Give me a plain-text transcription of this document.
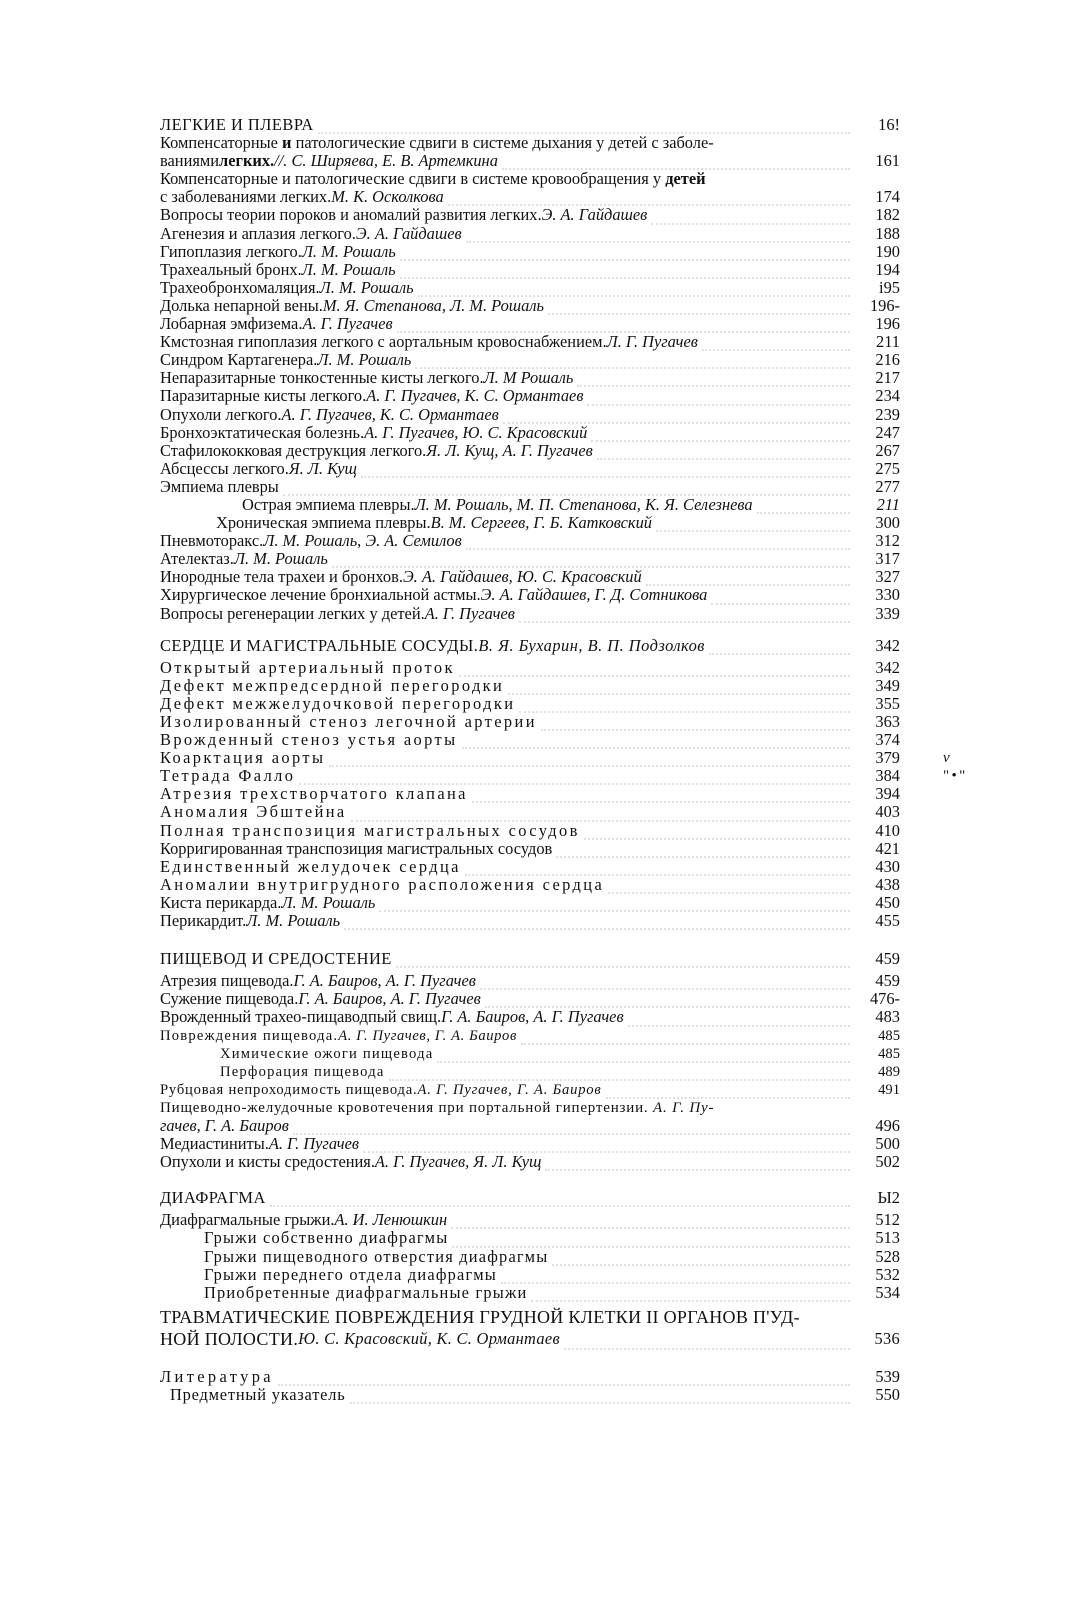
ЛЕГКИЕ И ПЛЕВРА	16!
Компенсаторные и патологические сдвиги в системе дыхания у детей с заболе-
ваниями легких. //. С. Ширяева, Е. В. Артемкина	161
Компенсаторные и патологические сдвиги в системе кровообращения у детей
с заболеваниями легких. М. К. Осколкова	174
Вопросы теории пороков и аномалий развития легких. Э. А. Гайдашев	182
Агенезия и аплазия легкого. Э. А. Гайдашев	188
Гипоплазия легкого. Л. М. Рошаль	190
Трахеальный бронх. Л. М. Рошаль	194
Трахеобронхомаляция. Л. М. Рошаль	i95
Долька непарной вены. М. Я. Степанова, Л. М. Рошаль	196-
Лобарная эмфизема. А. Г. Пугачев	196
Кмстозная гипоплазия легкого с аортальным кровоснабжением. Л. Г. Пугачев	211
Синдром Картагенера. Л. М. Рошаль	216
Непаразитарные тонкостенные кисты легкого. Л. М Рошаль	217
Паразитарные кисты легкого. А. Г. Пугачев, К. С. Ормантаев	234
Опухоли легкого. А. Г. Пугачев, К. С. Ормантаев	239
Бронхоэктатическая болезнь. А. Г. Пугачев, Ю. С. Красовский	247
Стафилококковая деструкция легкого. Я. Л. Кущ, А. Г. Пугачев	267
Абсцессы легкого. Я. Л. Кущ	275
Эмпиема плевры	277
Острая эмпиема плевры. Л. М. Рошаль, М. П. Степанова, К. Я. Селезнева	211
Хроническая эмпиема плевры. В. М. Сергеев, Г. Б. Катковский	300
Пневмоторакс. Л. М. Рошаль, Э. А. Семилов	312
Ателектаз. Л. М. Рошаль	317
Инородные тела трахеи и бронхов. Э. А. Гайдашев, Ю. С. Красовский	327
Хирургическое лечение бронхиальной астмы. Э. А. Гайдашев, Г. Д. Сотникова	330
Вопросы регенерации легких у детей. А. Г. Пугачев	339
СЕРДЦЕ И МАГИСТРАЛЬНЫЕ СОСУДЫ. В. Я. Бухарин, В. П. Подзолков	342
Открытый артериальный проток	342
Дефект межпредсердной перегородки	349
Дефект межжелудочковой перегородки	355
Изолированный стеноз легочной артерии	363
Врожденный стеноз устья аорты	374
Коарктация аорты	379	v
Тетрада Фалло	384	"•"
Атрезия трехстворчатого клапана	394
Аномалия Эбштейна	403
Полная транспозиция магистральных сосудов	410
Корригированная транспозиция магистральных сосудов	421
Единственный желудочек сердца	430
Аномалии внутригрудного расположения сердца	438
Киста перикарда. Л. М. Рошаль	450
Перикардит. Л. М. Рошаль	455
ПИЩЕВОД И СРЕДОСТЕНИЕ	459
Атрезия пищевода. Г. А. Баиров, А. Г. Пугачев	459
Сужение пищевода. Г. А. Баиров, А. Г. Пугачев	476-
Врожденный трахео-пищаводпый свищ. Г. А. Баиров, А. Г. Пугачев	483
Повреждения пищевода. А. Г. Пугачев, Г. А. Баиров	485
Химические ожоги пищевода	485
Перфорация пищевода	489
Рубцовая непроходимость пищевода. А. Г. Пугачев, Г. А. Баиров	491
Пищеводно-желудочные кровотечения при портальной гипертензии. А. Г. Пу-
гачев, Г. А. Баиров	496
Медиастиниты. А. Г. Пугачев	500
Опухоли и кисты средостения. А. Г. Пугачев, Я. Л. Кущ	502
ДИАФРАГМА	Ы2
Диафрагмальные грыжи. А. И. Ленюшкин	512
Грыжи собственно диафрагмы	513
Грыжи пищеводного отверстия диафрагмы	528
Грыжи переднего отдела диафрагмы	532
Приобретенные диафрагмальные грыжи	534
ТРАВМАТИЧЕСКИЕ ПОВРЕЖДЕНИЯ ГРУДНОЙ КЛЕТКИ II ОРГАНОВ П'УД-
НОЙ ПОЛОСТИ. Ю. С. Красовский, К. С. Ормантаев	536
Литература	539
Предметный указатель	550
